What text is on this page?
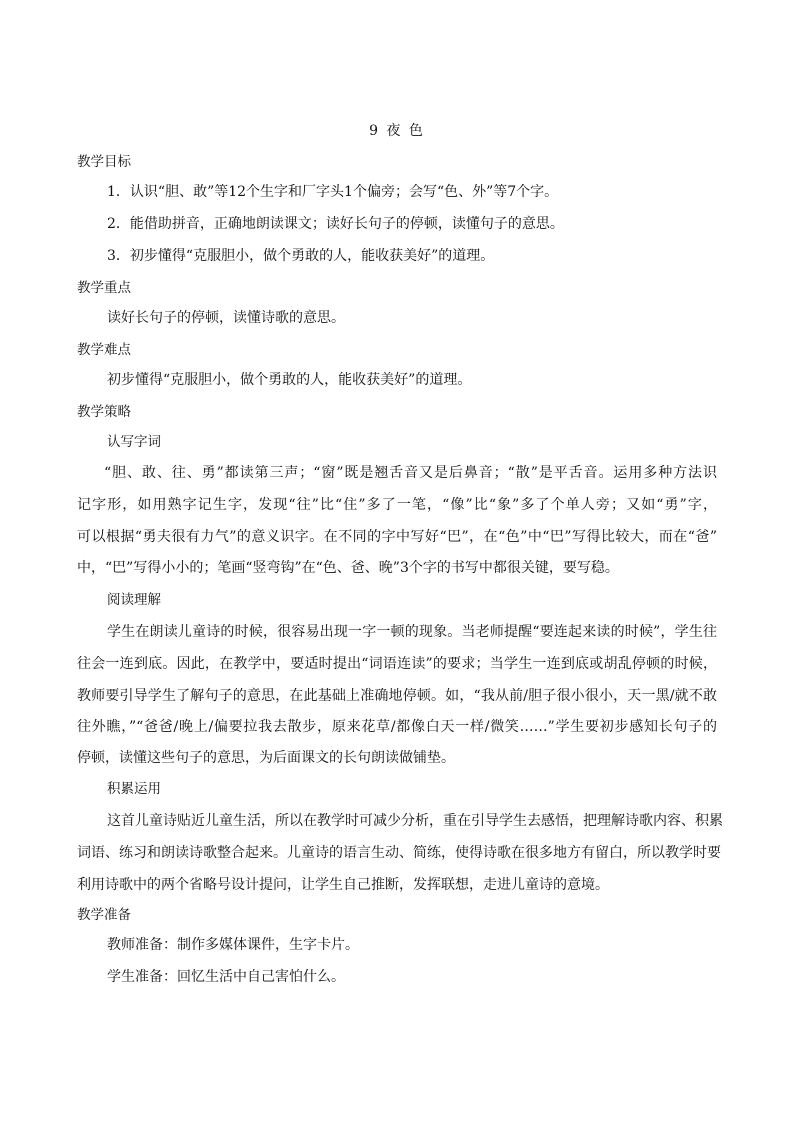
9 夜 色
教学目标
1．认识“胆、敢”等12个生字和厂字头1个偏旁；会写“色、外”等7个字。
2．能借助拼音，正确地朗读课文；读好长句子的停顿，读懂句子的意思。
3．初步懂得“克服胆小，做个勇敢的人，能收获美好”的道理。
教学重点
读好长句子的停顿，读懂诗歌的意思。
教学难点
初步懂得“克服胆小，做个勇敢的人，能收获美好”的道理。
教学策略
认写字词
“胆、敢、往、勇”都读第三声；“窗”既是翘舌音又是后鼻音；“散”是平舌音。运用多种方法识
记字形，如用熟字记生字，发现“往”比“住”多了一笔，“像”比“象”多了个单人旁；又如“勇”字，
可以根据“勇夫很有力气”的意义识字。在不同的字中写好“巴”，在“色”中“巴”写得比较大，而在“爸”
中，“巴”写得小小的；笔画“竖弯钩”在“色、爸、晚”3个字的书写中都很关键，要写稳。
阅读理解
学生在朗读儿童诗的时候，很容易出现一字一顿的现象。当老师提醒“要连起来读的时候”，学生往
往会一连到底。因此，在教学中，要适时提出“词语连读”的要求；当学生一连到底或胡乱停顿的时候，
教师要引导学生了解句子的意思，在此基础上准确地停顿。如，“我从前/胆子很小很小，天一黑/就不敢
往外瞧，”“爸爸/晚上/偏要拉我去散步，原来花草/都像白天一样/微笑……”学生要初步感知长句子的
停顿，读懂这些句子的意思，为后面课文的长句朗读做铺垫。
积累运用
这首儿童诗贴近儿童生活，所以在教学时可减少分析，重在引导学生去感悟，把理解诗歌内容、积累
词语、练习和朗读诗歌整合起来。儿童诗的语言生动、简练，使得诗歌在很多地方有留白，所以教学时要
利用诗歌中的两个省略号设计提问，让学生自己推断，发挥联想，走进儿童诗的意境。
教学准备
教师准备：制作多媒体课件，生字卡片。
学生准备：回忆生活中自己害怕什么。
